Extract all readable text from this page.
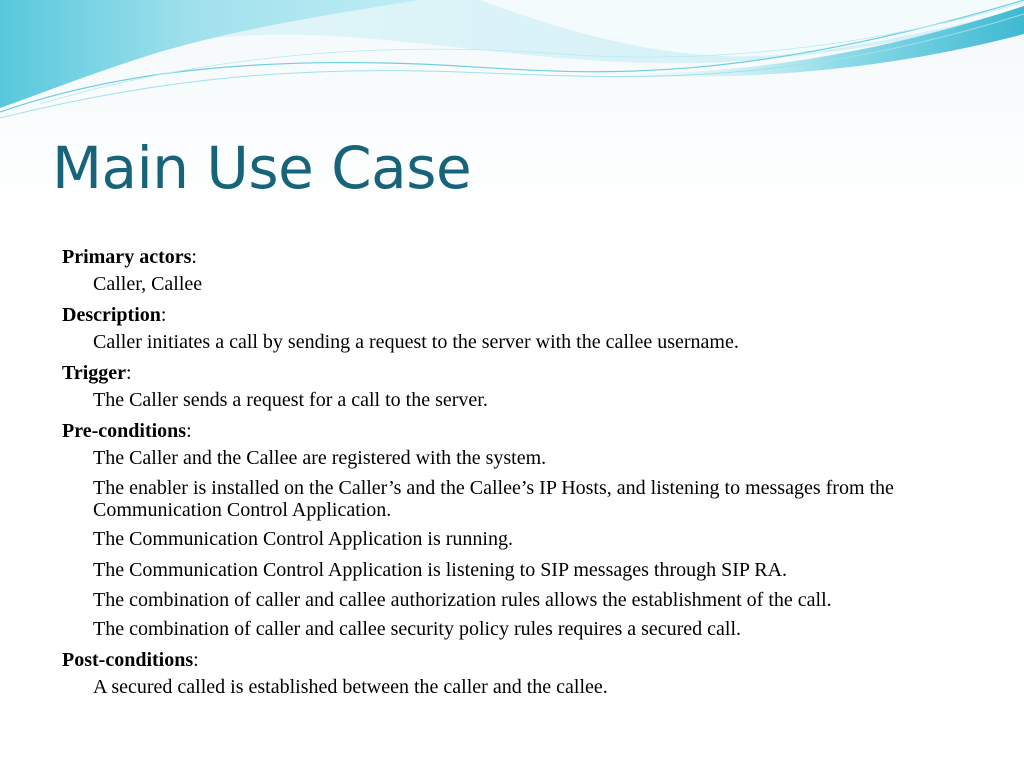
Main Use Case

Primary actors:

Caller, Callee

Description:

Caller initiates a call by sending a request to the server with the callee username.

Trigger:

The Caller sends a request for a call to the server.

Pre-conditions:

The Caller and the Callee are registered with the system.

The enabler is installed on the Caller’s and the Callee’s IP Hosts, and listening to messages from the Communication Control Application.

The Communication Control Application is running.

The Communication Control Application is listening to SIP messages through SIP RA.

The combination of caller and callee authorization rules allows the establishment of the call.

The combination of caller and callee security policy rules requires a secured call.

Post-conditions:

A secured called is established between the caller and the callee.
